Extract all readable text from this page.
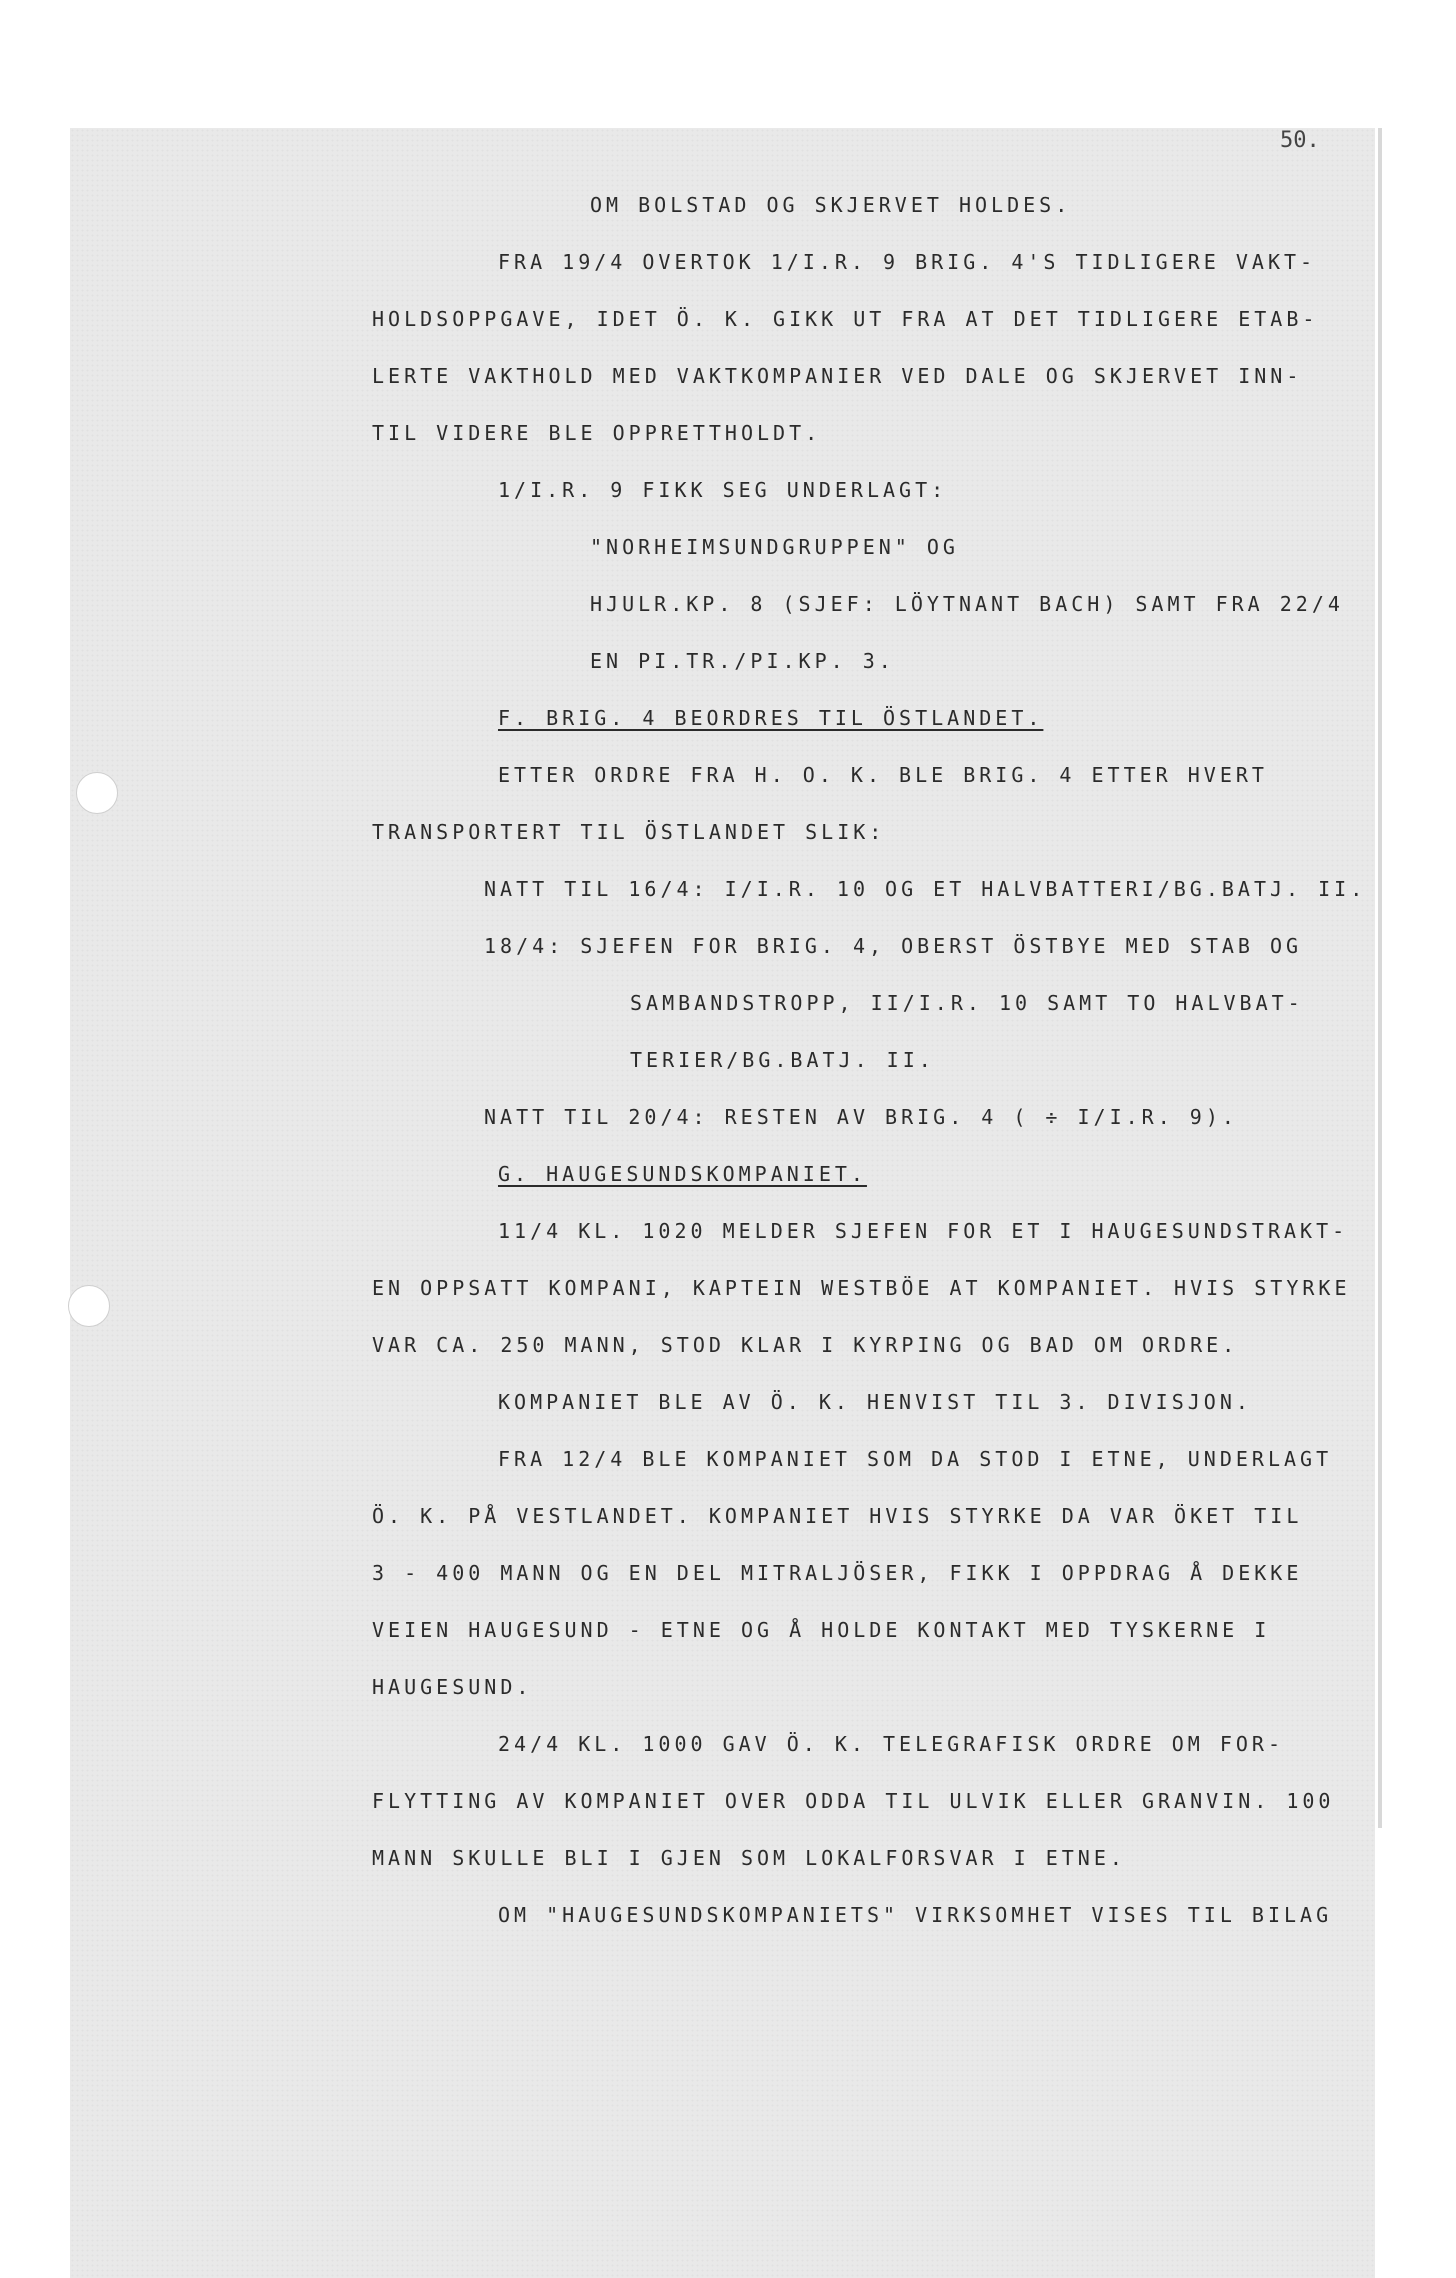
50.
OM BOLSTAD OG SKJERVET HOLDES.
FRA 19/4 OVERTOK 1/I.R. 9 BRIG. 4'S TIDLIGERE VAKT-
HOLDSOPPGAVE, IDET Ö. K. GIKK UT FRA AT DET TIDLIGERE ETAB-
LERTE VAKTHOLD MED VAKTKOMPANIER VED DALE OG SKJERVET INN-
TIL VIDERE BLE OPPRETTHOLDT.
1/I.R. 9 FIKK SEG UNDERLAGT:
"NORHEIMSUNDGRUPPEN" OG
HJULR.KP. 8 (SJEF: LÖYTNANT BACH) SAMT FRA 22/4
EN PI.TR./PI.KP. 3.
F. BRIG. 4 BEORDRES TIL ÖSTLANDET.
ETTER ORDRE FRA H. O. K. BLE BRIG. 4 ETTER HVERT
TRANSPORTERT TIL ÖSTLANDET SLIK:
NATT TIL 16/4: I/I.R. 10 OG ET HALVBATTERI/BG.BATJ. II.
18/4: SJEFEN FOR BRIG. 4, OBERST ÖSTBYE MED STAB OG
SAMBANDSTROPP, II/I.R. 10 SAMT TO HALVBAT-
TERIER/BG.BATJ. II.
NATT TIL 20/4: RESTEN AV BRIG. 4 ( ÷ I/I.R. 9).
G. HAUGESUNDSKOMPANIET.
11/4 KL. 1020 MELDER SJEFEN FOR ET I HAUGESUNDSTRAKT-
EN OPPSATT KOMPANI, KAPTEIN WESTBÖE AT KOMPANIET. HVIS STYRKE
VAR CA. 250 MANN, STOD KLAR I KYRPING OG BAD OM ORDRE.
KOMPANIET BLE AV Ö. K. HENVIST TIL 3. DIVISJON.
FRA 12/4 BLE KOMPANIET SOM DA STOD I ETNE, UNDERLAGT
Ö. K. PÅ VESTLANDET. KOMPANIET HVIS STYRKE DA VAR ÖKET TIL
3 - 400 MANN OG EN DEL MITRALJÖSER, FIKK I OPPDRAG Å DEKKE
VEIEN HAUGESUND - ETNE OG Å HOLDE KONTAKT MED TYSKERNE I
HAUGESUND.
24/4 KL. 1000 GAV Ö. K. TELEGRAFISK ORDRE OM FOR-
FLYTTING AV KOMPANIET OVER ODDA TIL ULVIK ELLER GRANVIN. 100
MANN SKULLE BLI I GJEN SOM LOKALFORSVAR I ETNE.
OM "HAUGESUNDSKOMPANIETS" VIRKSOMHET VISES TIL BILAG
